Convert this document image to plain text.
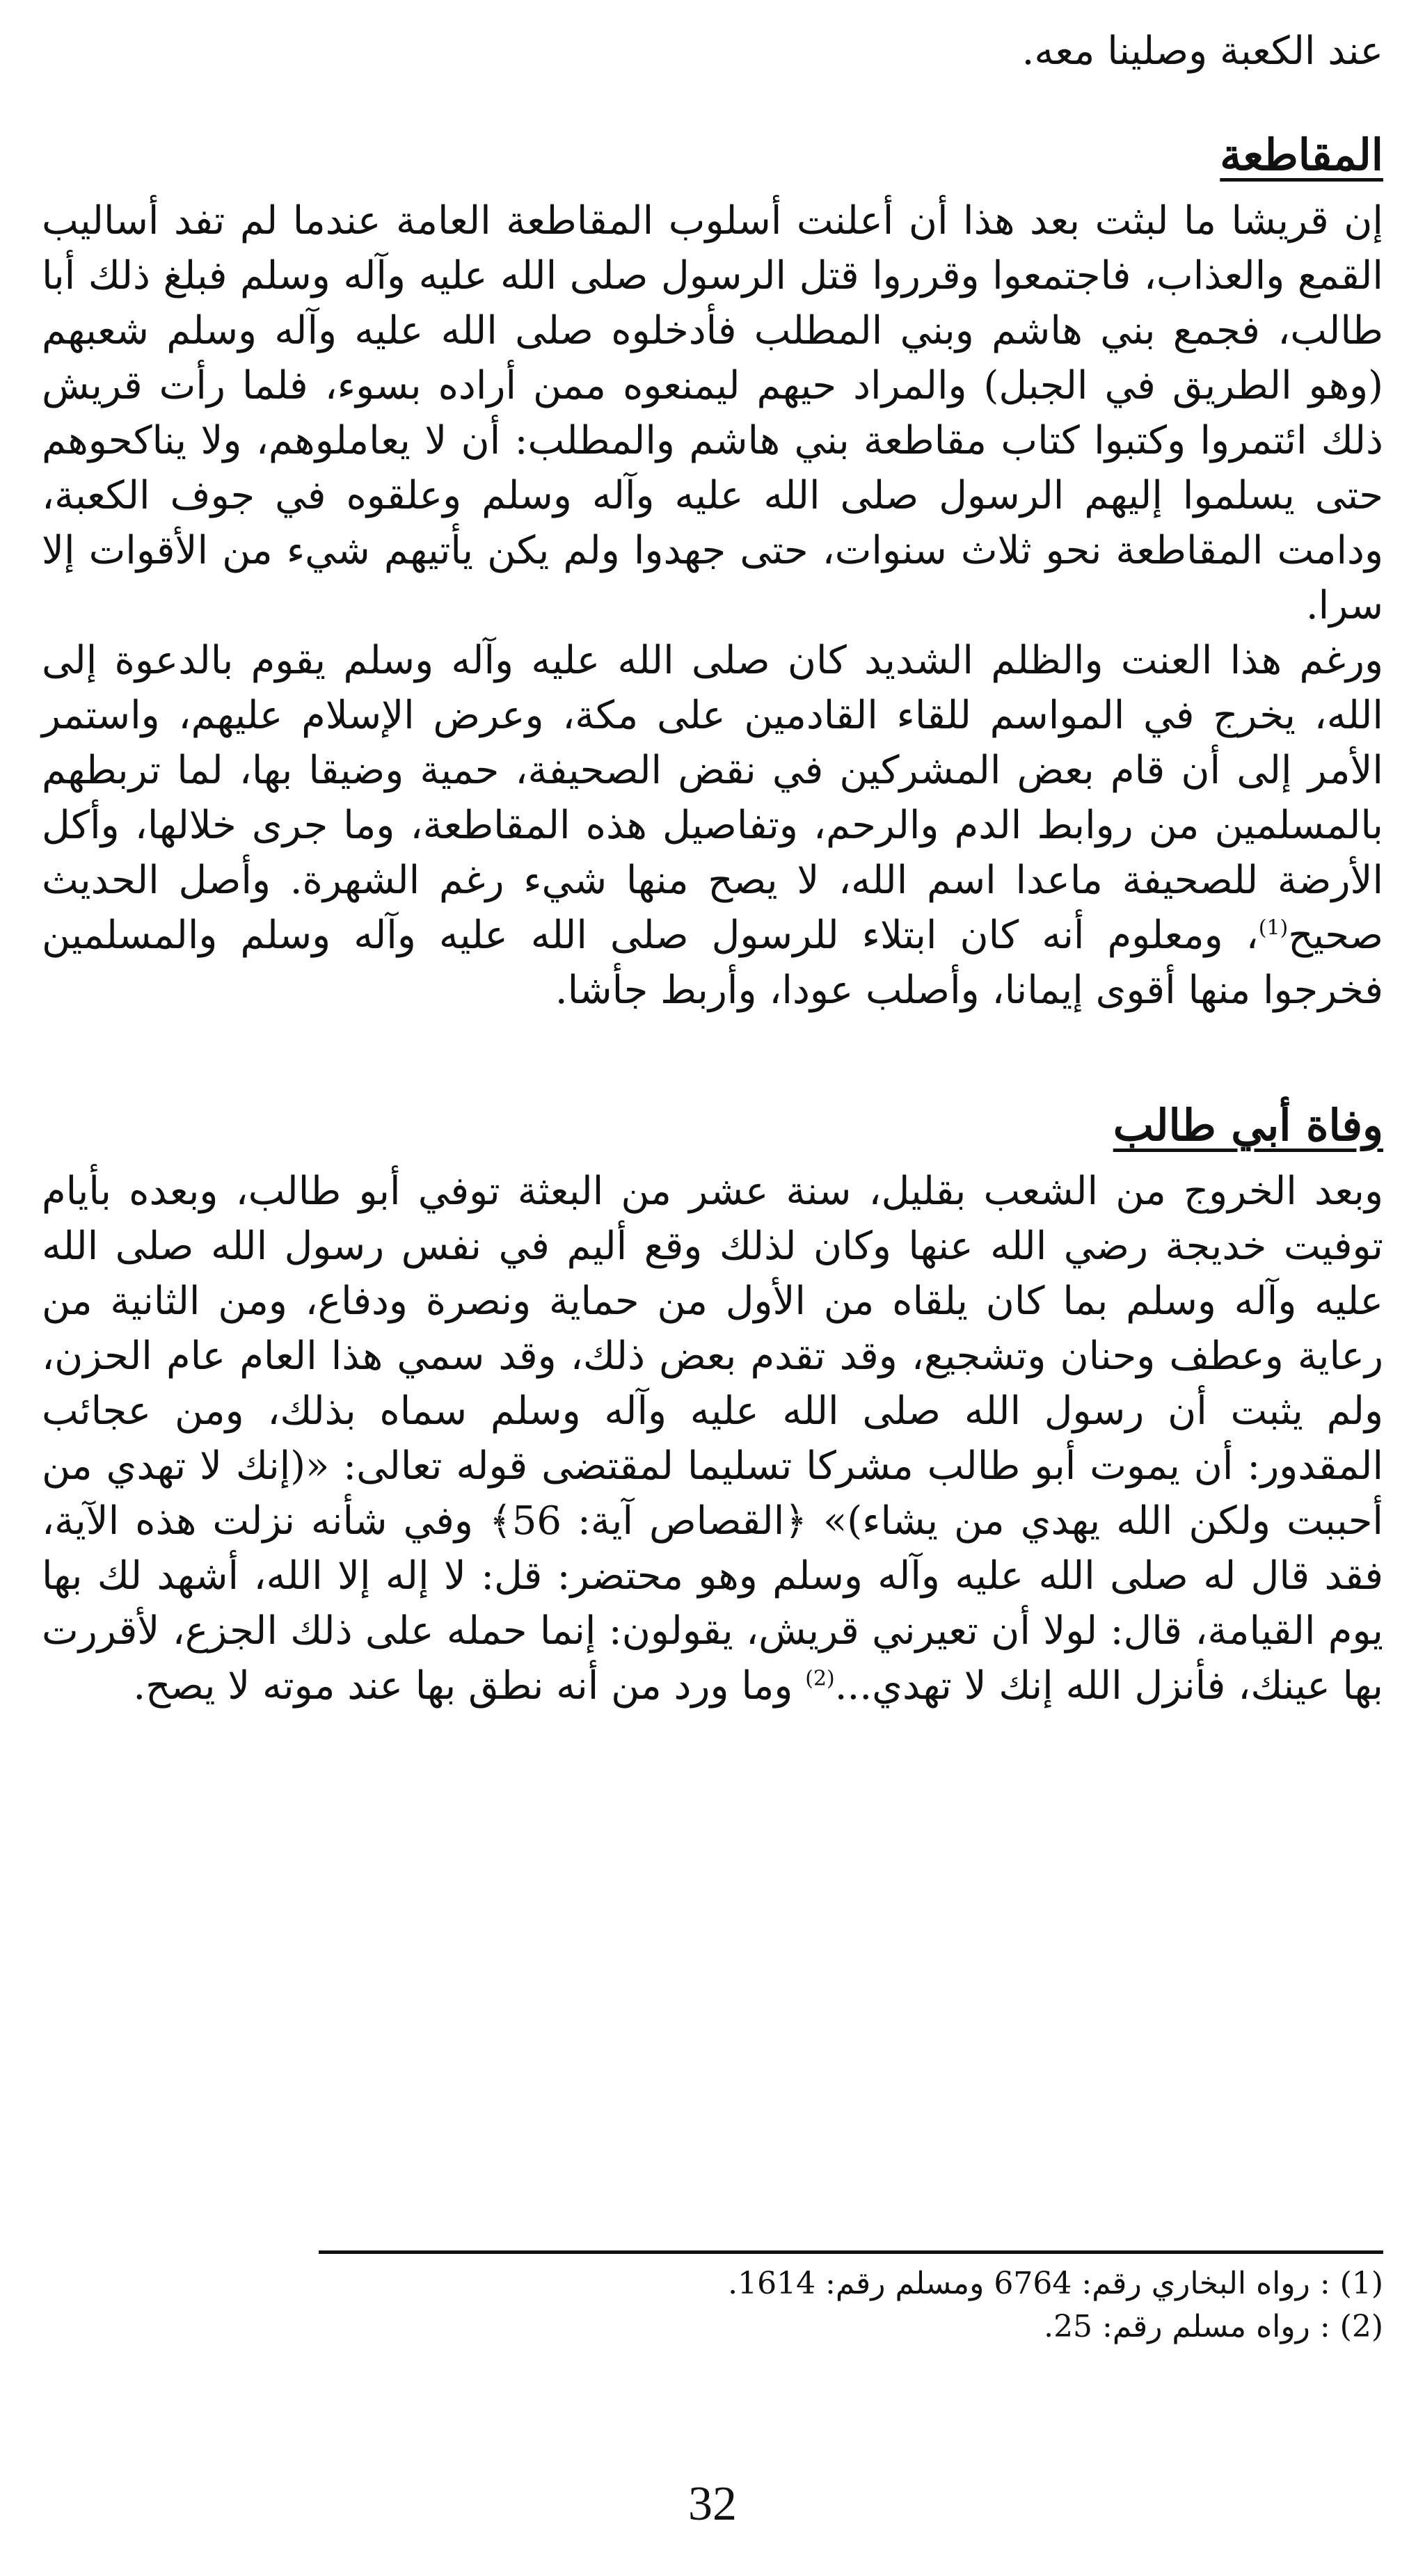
عند الكعبة وصلينا معه.

المقاطعة

إن قريشا ما لبثت بعد هذا أن أعلنت أسلوب المقاطعة العامة عندما لم تفد أساليب القمع والعذاب، فاجتمعوا وقرروا قتل الرسول صلى الله عليه وآله وسلم فبلغ ذلك أبا طالب، فجمع بني هاشم وبني المطلب فأدخلوه صلى الله عليه وآله وسلم شعبهم (وهو الطريق في الجبل) والمراد حيهم ليمنعوه ممن أراده بسوء، فلما رأت قريش ذلك ائتمروا وكتبوا كتاب مقاطعة بني هاشم والمطلب: أن لا يعاملوهم، ولا يناكحوهم حتى يسلموا إليهم الرسول صلى الله عليه وآله وسلم وعلقوه في جوف الكعبة، ودامت المقاطعة نحو ثلاث سنوات، حتى جهدوا ولم يكن يأتيهم شيء من الأقوات إلا سرا.

ورغم هذا العنت والظلم الشديد كان صلى الله عليه وآله وسلم يقوم بالدعوة إلى الله، يخرج في المواسم للقاء القادمين على مكة، وعرض الإسلام عليهم، واستمر الأمر إلى أن قام بعض المشركين في نقض الصحيفة، حمية وضيقا بها، لما تربطهم بالمسلمين من روابط الدم والرحم، وتفاصيل هذه المقاطعة، وما جرى خلالها، وأكل الأرضة للصحيفة ماعدا اسم الله، لا يصح منها شيء رغم الشهرة. وأصل الحديث صحيح$^{(1)}$، ومعلوم أنه كان ابتلاء للرسول صلى الله عليه وآله وسلم والمسلمين فخرجوا منها أقوى إيمانا، وأصلب عودا، وأربط جأشا.

وفاة أبي طالب

وبعد الخروج من الشعب بقليل، سنة عشر من البعثة توفي أبو طالب، وبعده بأيام توفيت خديجة رضي الله عنها وكان لذلك وقع أليم في نفس رسول الله صلى الله عليه وآله وسلم بما كان يلقاه من الأول من حماية ونصرة ودفاع، ومن الثانية من رعاية وعطف وحنان وتشجيع، وقد تقدم بعض ذلك، وقد سمي هذا العام عام الحزن، ولم يثبت أن رسول الله صلى الله عليه وآله وسلم سماه بذلك، ومن عجائب المقدور: أن يموت أبو طالب مشركا تسليما لمقتضى قوله تعالى: «(إنك لا تهدي من أحببت ولكن الله يهدي من يشاء)» ﴿القصاص آية: 56﴾ وفي شأنه نزلت هذه الآية، فقد قال له صلى الله عليه وآله وسلم وهو محتضر: قل: لا إله إلا الله، أشهد لك بها يوم القيامة، قال: لولا أن تعيرني قريش، يقولون: إنما حمله على ذلك الجزع، لأقررت بها عينك، فأنزل الله إنك لا تهدي...$^{(2)}$ وما ورد من أنه نطق بها عند موته لا يصح.

(1) : رواه البخاري رقم: 6764 ومسلم رقم: 1614.

(2) : رواه مسلم رقم: 25.

32
